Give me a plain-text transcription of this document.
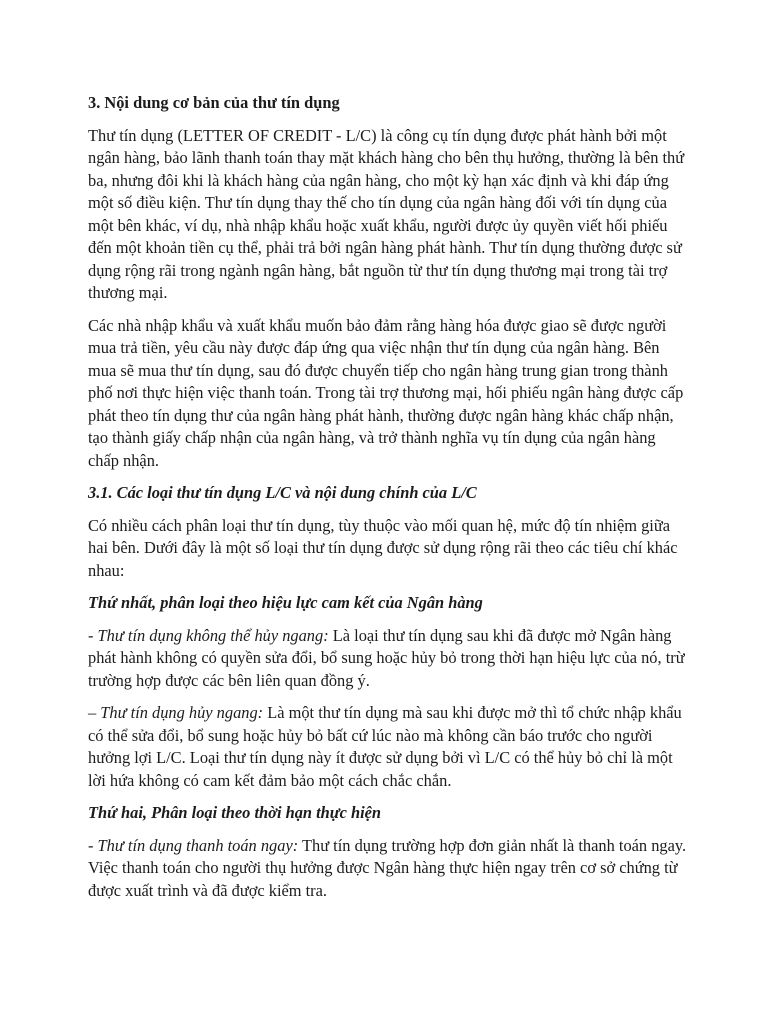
3. Nội dung cơ bản của thư tín dụng

Thư tín dụng (LETTER OF CREDIT - L/C) là công cụ tín dụng được phát hành bởi một ngân hàng, bảo lãnh thanh toán thay mặt khách hàng cho bên thụ hưởng, thường là bên thứ ba, nhưng đôi khi là khách hàng của ngân hàng, cho một kỳ hạn xác định và khi đáp ứng một số điều kiện. Thư tín dụng thay thế cho tín dụng của ngân hàng đối với tín dụng của một bên khác, ví dụ, nhà nhập khẩu hoặc xuất khẩu, người được ủy quyền viết hối phiếu đến một khoản tiền cụ thể, phải trả bởi ngân hàng phát hành. Thư tín dụng thường được sử dụng rộng rãi trong ngành ngân hàng, bắt nguồn từ thư tín dụng thương mại trong tài trợ thương mại.

Các nhà nhập khẩu và xuất khẩu muốn bảo đảm rằng hàng hóa được giao sẽ được người mua trả tiền, yêu cầu này được đáp ứng qua việc nhận thư tín dụng của ngân hàng. Bên mua sẽ mua thư tín dụng, sau đó được chuyển tiếp cho ngân hàng trung gian trong thành phố nơi thực hiện việc thanh toán. Trong tài trợ thương mại, hối phiếu ngân hàng được cấp phát theo tín dụng thư của ngân hàng phát hành, thường được ngân hàng khác chấp nhận, tạo thành giấy chấp nhận của ngân hàng, và trở thành nghĩa vụ tín dụng của ngân hàng chấp nhận.

3.1. Các loại thư tín dụng L/C và nội dung chính của L/C

Có nhiều cách phân loại thư tín dụng, tùy thuộc vào mối quan hệ, mức độ tín nhiệm giữa hai bên. Dưới đây là một số loại thư tín dụng được sử dụng rộng rãi theo các tiêu chí khác nhau:

Thứ nhất, phân loại theo hiệu lực cam kết của Ngân hàng

- Thư tín dụng không thể hủy ngang: Là loại thư tín dụng sau khi đã được mở Ngân hàng phát hành không có quyền sửa đổi, bổ sung hoặc hủy bỏ trong thời hạn hiệu lực của nó, trừ trường hợp được các bên liên quan đồng ý.

– Thư tín dụng hủy ngang: Là một thư tín dụng mà sau khi được mở thì tổ chức nhập khẩu có thể sửa đổi, bổ sung hoặc hủy bỏ bất cứ lúc nào mà không cần báo trước cho người hưởng lợi L/C. Loại thư tín dụng này ít được sử dụng bởi vì L/C có thể hủy bỏ chỉ là một lời hứa không có cam kết đảm bảo một cách chắc chắn.

Thứ hai, Phân loại theo thời hạn thực hiện

- Thư tín dụng thanh toán ngay: Thư tín dụng trường hợp đơn giản nhất là thanh toán ngay. Việc thanh toán cho người thụ hưởng được Ngân hàng thực hiện ngay trên cơ sở chứng từ được xuất trình và đã được kiểm tra.
